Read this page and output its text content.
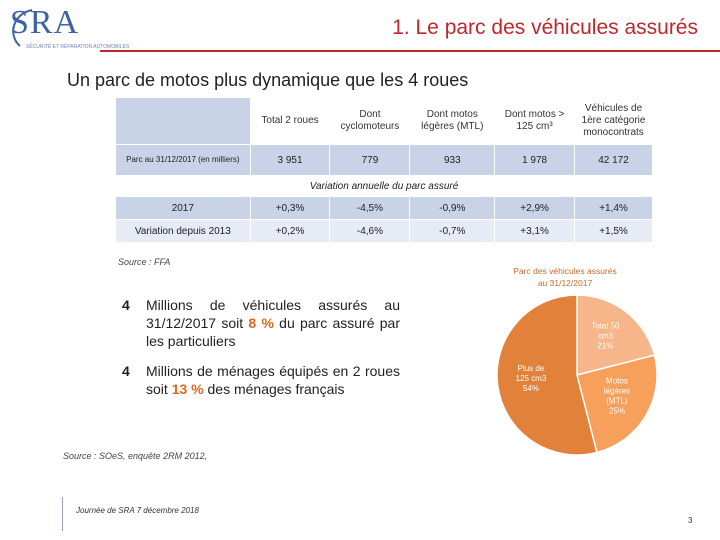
SRA
SÉCURITÉ ET RÉPARATION AUTOMOBILES
1. Le parc des véhicules assurés
Un parc de motos plus dynamique que les 4 roues
	Total 2 roues	Dont cyclomoteurs	Dont motos légères (MTL)	Dont motos > 125 cm³	Véhicules de 1ère catégorie monocontrats
Parc au 31/12/2017 (en milliers)	3 951	779	933	1 978	42 172
Variation annuelle du parc assuré					
2017	+0,3%	-4,5%	-0,9%	+2,9%	+1,4%
Variation depuis 2013	+0,2%	-4,6%	-0,7%	+3,1%	+1,5%
Source : FFA
4 Millions de véhicules assurés au 31/12/2017 soit 8 % du parc assuré par les particuliers
4 Millions de ménages équipés en 2 roues soit 13 % des ménages français
Parc des véhicules assurés au 31/12/2017
Total 50 cm3 21%
Motos légères (MTL) 25%
Plus de 125 cm3 54%
Source : SOeS, enquête 2RM 2012,
Journée de SRA 7 décembre 2018
3
